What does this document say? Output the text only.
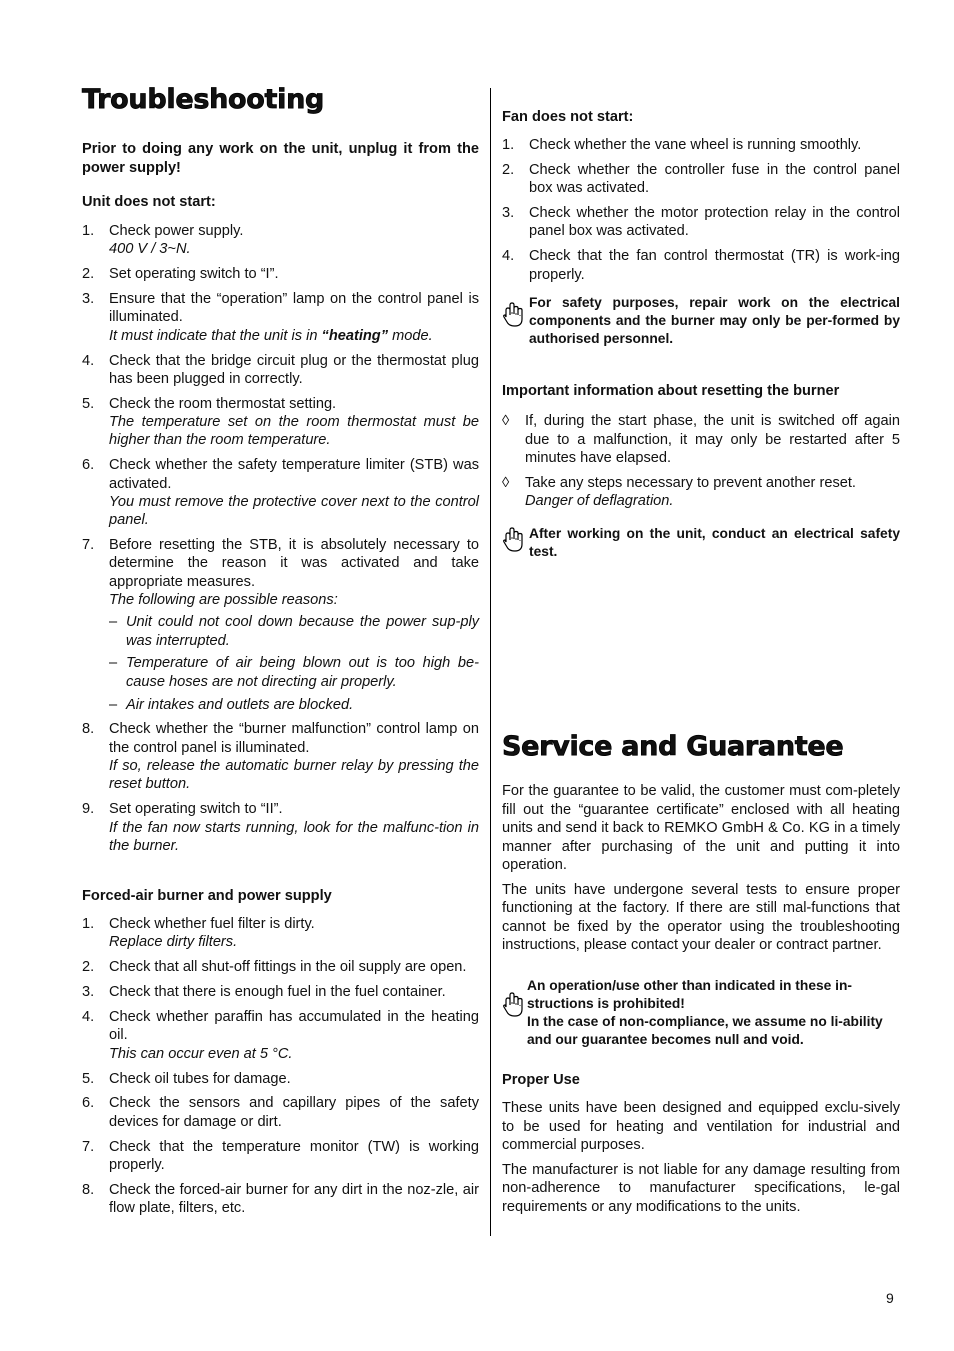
Troubleshooting

Prior to doing any work on the unit, unplug it from the power supply!

Unit does not start:

1. Check power supply.
400 V / 3~N.
2. Set operating switch to “I”.
3. Ensure that the “operation” lamp on the control panel is illuminated.
It must indicate that the unit is in “heating” mode.
4. Check that the bridge circuit plug or the thermostat plug has been plugged in correctly.
5. Check the room thermostat setting.
The temperature set on the room thermostat must be higher than the room temperature.
6. Check whether the safety temperature limiter (STB) was activated.
You must remove the protective cover next to the control panel.
7. Before resetting the STB, it is absolutely necessary to determine the reason it was activated and take appropriate measures.
The following are possible reasons:
– Unit could not cool down because the power sup-ply was interrupted.
– Temperature of air being blown out is too high be-cause hoses are not directing air properly.
– Air intakes and outlets are blocked.
8. Check whether the “burner malfunction” control lamp on the control panel is illuminated.
If so, release the automatic burner relay by pressing the reset button.
9. Set operating switch to “II”.
If the fan now starts running, look for the malfunc-tion in the burner.

Forced-air burner and power supply

1. Check whether fuel filter is dirty.
Replace dirty filters.
2. Check that all shut-off fittings in the oil supply are open.
3. Check that there is enough fuel in the fuel container.
4. Check whether paraffin has accumulated in the heating oil.
This can occur even at 5 °C.
5. Check oil tubes for damage.
6. Check the sensors and capillary pipes of the safety devices for damage or dirt.
7. Check that the temperature monitor (TW) is working properly.
8. Check the forced-air burner for any dirt in the noz-zle, air flow plate, filters, etc.

Fan does not start:

1. Check whether the vane wheel is running smoothly.
2. Check whether the controller fuse in the control panel box was activated.
3. Check whether the motor protection relay in the control panel box was activated.
4. Check that the fan control thermostat (TR) is work-ing properly.
For safety purposes, repair work on the electrical components and the burner may only be per-formed by authorised personnel.

Important information about resetting the burner

◊ If, during the start phase, the unit is switched off again due to a malfunction, it may only be restarted after 5 minutes have elapsed.
◊ Take any steps necessary to prevent another reset.
Danger of deflagration.
After working on the unit, conduct an electrical safety test.
Service and Guarantee

For the guarantee to be valid, the customer must com-pletely fill out the “guarantee certificate” enclosed with all heating units and send it back to REMKO GmbH & Co. KG in a timely manner after purchasing of the unit and putting it into operation.

The units have undergone several tests to ensure proper functioning at the factory. If there are still mal-functions that cannot be fixed by the operator using the troubleshooting instructions, please contact your dealer or contract partner.

An operation/use other than indicated in these in-structions is prohibited!
In the case of non-compliance, we assume no li-ability and our guarantee becomes null and void.

Proper Use

These units have been designed and equipped exclu-sively to be used for heating and ventilation for industrial and commercial purposes.

The manufacturer is not liable for any damage resulting from non-adherence to manufacturer specifications, le-gal requirements or any modifications to the units.

9
